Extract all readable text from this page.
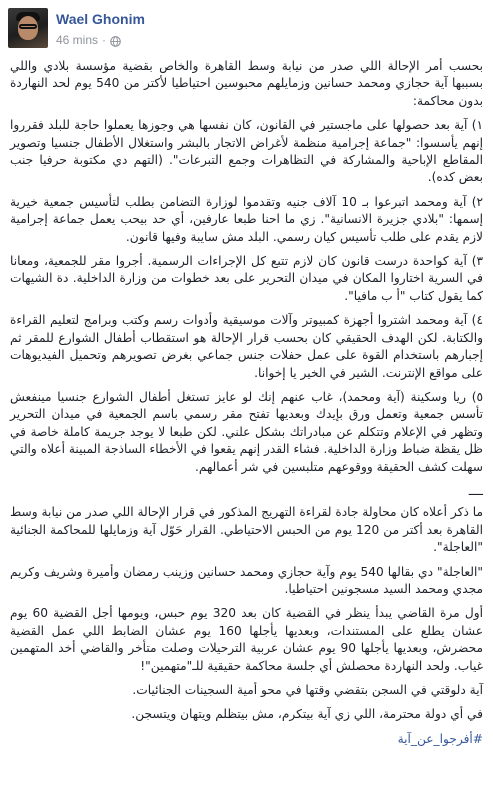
Wael Ghonim
46 mins ·

بحسب أمر الإحالة اللي صدر من نيابة وسط القاهرة والخاص بقضية مؤسسة بلادي واللي بسببها آية حجازي ومحمد حسانين وزمايلهم محبوسين احتياطيا لأكتر من 540 يوم لحد النهاردة بدون محاكمة:

١) آية بعد حصولها على ماجستير في القانون، كان نفسها هي وجوزها يعملوا حاجة للبلد فقرروا إنهم يأسسوا: "جماعة إجرامية منظمة لأغراض الاتجار بالبشر واستغلال الأطفال جنسيا وتصوير المقاطع الإباحية والمشاركة في التظاهرات وجمع التبرعات". (التهم دي مكتوبة حرفيا جنب بعض كده).

٢) آية ومحمد اتبرعوا بـ 10 آلاف جنيه وتقدموا لوزارة التضامن بطلب لتأسيس جمعية خيرية إسمها: "بلادي جزيرة الانسانية". زي ما احنا طبعا عارفين، أي حد بيحب يعمل جماعة إجرامية لازم يقدم على طلب تأسيس كيان رسمي. البلد مش سايبة وفيها قانون.

٣) آية كواحدة درست قانون كان لازم تتبع كل الإجراءات الرسمية. أجروا مقر للجمعية، ومعانا في السرية اختاروا المكان في ميدان التحرير على بعد خطوات من وزارة الداخلية. دة الشيهات كما يقول كتاب "أ ب مافيا".

٤) آية ومحمد اشتروا أجهزة كمبيوتر وآلات موسيقية وأدوات رسم وكتب وبرامج لتعليم القراءة والكتابة. لكن الهدف الحقيقي كان بحسب قرار الإحالة هو استقطاب أطفال الشوارع للمقر ثم إجبارهم باستخدام القوة على عمل حفلات جنس جماعي بغرض تصويرهم وتحميل الفيديوهات على مواقع الإنترنت. الشير في الخير يا إخوانا.

٥) ريا وسكينة (آية ومحمد)، غاب عنهم إنك لو عايز تستغل أطفال الشوارع جنسيا مينفعش تأسس جمعية وتعمل ورق بإيدك وبعديها تفتح مقر رسمي باسم الجمعية في ميدان التحرير وتظهر في الإعلام وتتكلم عن مبادراتك بشكل علني. لكن طبعا لا يوجد جريمة كاملة خاصة في ظل يقظة ضباط وزارة الداخلية. فشاء القدر إنهم يقعوا في الأخطاء الساذجة المبينة أعلاه والتي سهلت كشف الحقيقة ووقوعهم متلبسين في شر أعمالهم.

ــــ

ما ذكر أعلاه كان محاولة جادة لقراءة التهريج المذكور في قرار الإحالة اللي صدر من نيابة وسط القاهرة بعد أكتر من 120 يوم من الحبس الاحتياطي. القرار حَوّل آية وزمايلها للمحاكمة الجنائية "العاجلة".

"العاجلة" دي بقالها 540 يوم وآية حجازي ومحمد حسانين وزينب رمضان وأميرة وشريف وكريم مجدي ومحمد السيد مسجونين احتياطيا.

أول مرة القاضي يبدأ ينظر في القضية كان بعد 320 يوم حبس، ويومها أجل القضية 60 يوم عشان يطلع على المستندات، وبعديها يأجلها 160 يوم عشان الضابط اللي عمل القضية محضرش، وبعديها يأجلها 90 يوم عشان عربية الترحيلات وصلت متأخر والقاضي أخد المتهمين غياب. ولحد النهاردة محصلش أي جلسة محاكمة حقيقية للـ"متهمين"!

آية دلوقتي في السجن بتقضي وقتها في محو أمية السجينات الجنائيات.

في أي دولة محترمة، اللي زي آية بيتكرم، مش بيتظلم ويتهان ويتسجن.

#أفرجوا_عن_آية
